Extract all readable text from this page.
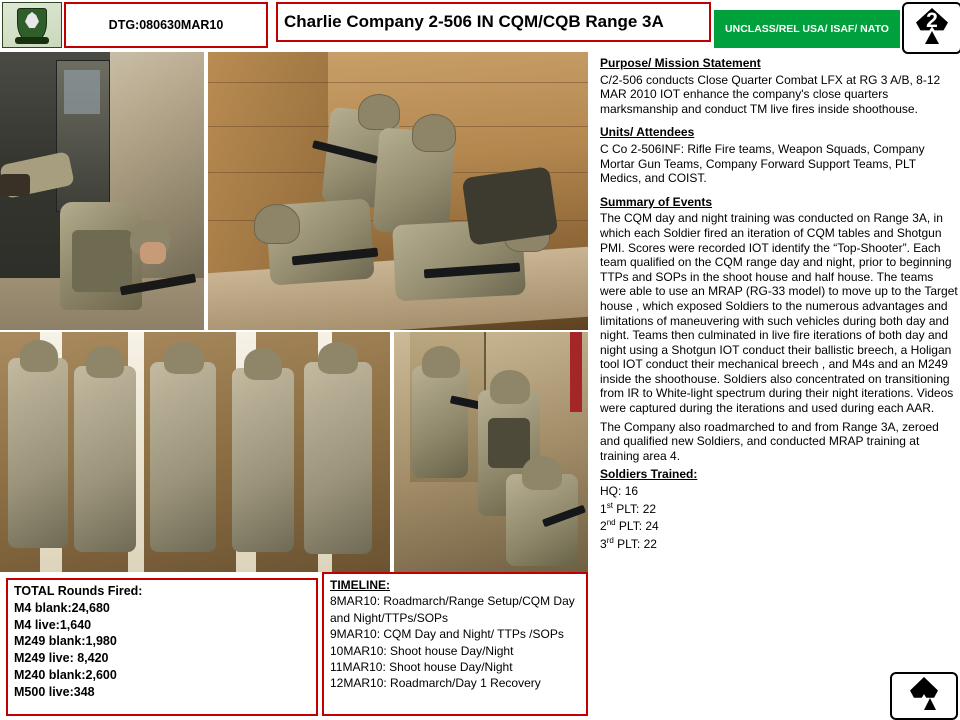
DTG:080630MAR10	Charlie Company 2-506 IN CQM/CQB Range 3A	UNCLASS/REL USA/ ISAF/ NATO	2
Purpose/ Mission Statement

C/2-506 conducts Close Quarter Combat LFX at RG 3 A/B, 8-12 MAR 2010 IOT enhance the company's close quarters marksmanship and conduct TM live fires inside shoothouse.

Units/ Attendees

C Co 2-506INF: Rifle Fire teams, Weapon Squads, Company Mortar Gun Teams, Company Forward Support Teams, PLT Medics, and COIST.

Summary of Events

The CQM day and night training was conducted on Range 3A, in which each Soldier fired an iteration of CQM tables and Shotgun PMI. Scores were recorded IOT identify the “Top-Shooter”. Each team qualified on the CQM range day and night, prior to beginning TTPs and SOPs in the shoot house and half house. The teams were able to use an MRAP (RG-33 model) to move up to the Target house , which exposed Soldiers to the numerous advantages and limitations of maneuvering with such vehicles during both day and night. Teams then culminated in live fire iterations of both day and night using a Shotgun IOT conduct their ballistic breech, a Holigan tool IOT conduct their mechanical breech , and M4s and an M249 inside the shoothouse. Soldiers also concentrated on transitioning from IR to White-light spectrum during their night iterations. Videos were captured during the iterations and used during each AAR.

The Company also roadmarched to and from Range 3A, zeroed and qualified new Soldiers, and conducted MRAP training at training area 4.

Soldiers Trained:
HQ: 16
1st PLT: 22
2nd PLT: 24
3rd PLT: 22
TOTAL Rounds Fired:
M4 blank:24,680
M4 live:1,640
M249 blank:1,980
M249 live: 8,420
M240 blank:2,600
M500 live:348
TIMELINE:
8MAR10: Roadmarch/Range Setup/CQM Day and Night/TTPs/SOPs
9MAR10: CQM Day and Night/ TTPs /SOPs
10MAR10: Shoot house Day/Night
11MAR10: Shoot house Day/Night
12MAR10: Roadmarch/Day 1 Recovery
